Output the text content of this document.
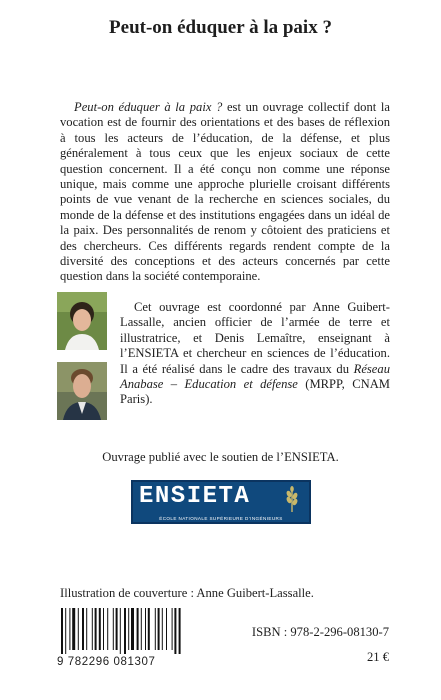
Peut-on éduquer à la paix ?

Peut-on éduquer à la paix ? est un ouvrage collectif dont la vocation est de fournir des orientations et des bases de réflexion à tous les acteurs de l’éducation, de la défense, et plus généralement à tous ceux que les enjeux sociaux de cette question concernent. Il a été conçu non comme une réponse unique, mais comme une approche plurielle croisant différents points de vue venant de la recherche en sciences sociales, du monde de la défense et des institutions engagées dans un idéal de la paix. Des personnalités de renom y côtoient des praticiens et des chercheurs. Ces différents regards rendent compte de la diversité des conceptions et des acteurs concernés par cette question dans la société contemporaine.

Cet ouvrage est coordonné par Anne Guibert-Lassalle, ancien officier de l’armée de terre et illustratrice, et Denis Lemaître, enseignant à l’ENSIETA et chercheur en sciences de l’éducation. Il a été réalisé dans le cadre des travaux du Réseau Anabase – Education et défense (MRPP, CNAM Paris).

Ouvrage publié avec le soutien de l’ENSIETA.
ENSIETA
ÉCOLE NATIONALE SUPÉRIEURE D’INGÉNIEURS
Illustration de couverture : Anne Guibert-Lassalle.
9 782296 081307
ISBN : 978-2-296-08130-7
21 €
